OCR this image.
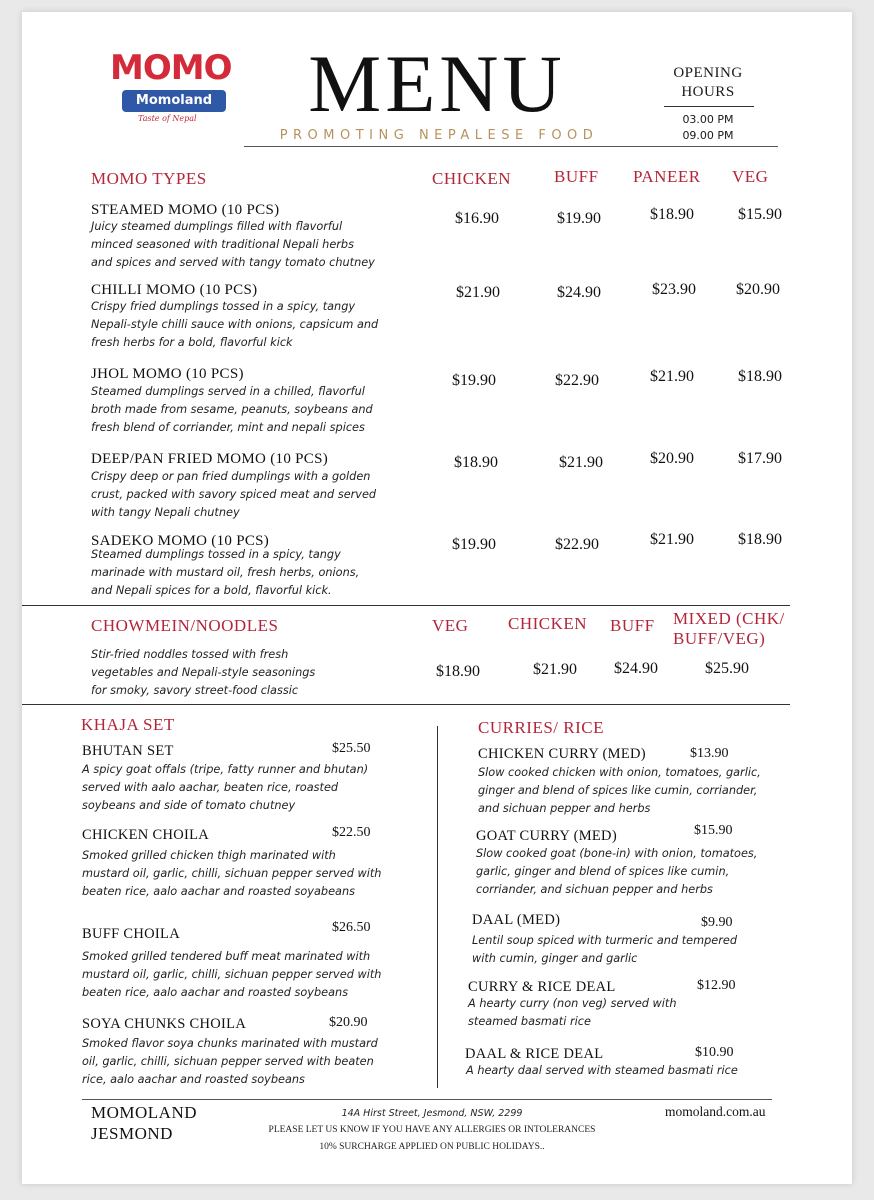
MOMO
Momoland
Taste of Nepal MENU
PROMOTING NEPALESE FOOD
OPENING
HOURS
03.00 PM
09.00 PM
MOMO TYPES	CHICKEN	BUFF PANEER VEG
STEAMED MOMO (10 PCS)
Juicy steamed dumplings filled with flavorful
minced seasoned with traditional Nepali herbs
and spices and served with tangy tomato chutney
$16.90	$19.90	$18.90	$15.90
CHILLI MOMO (10 PCS)
Crispy fried dumplings tossed in a spicy, tangy
Nepali-style chilli sauce with onions, capsicum and
fresh herbs for a bold, flavorful kick
$21.90	$24.90	$23.90	$20.90
JHOL MOMO (10 PCS)
Steamed dumplings served in a chilled, flavorful
broth made from sesame, peanuts, soybeans and
fresh blend of corriander, mint and nepali spices
$19.90	$22.90	$21.90	$18.90
DEEP/PAN FRIED MOMO (10 PCS)
Crispy deep or pan fried dumplings with a golden
crust, packed with savory spiced meat and served
with tangy Nepali chutney
$18.90	$21.90	$20.90	$17.90
SADEKO MOMO (10 PCS)
Steamed dumplings tossed in a spicy, tangy
marinade with mustard oil, fresh herbs, onions,
and Nepali spices for a bold, flavorful kick.
$19.90	$22.90	$21.90	$18.90
CHOWMEIN/NOODLES	VEG CHICKEN BUFF MIXED (CHK/
BUFF/VEG)
Stir-fried noddles tossed with fresh
vegetables and Nepali-style seasonings
for smoky, savory street-food classic
$18.90	$21.90 $24.90	$25.90
KHAJA SET
BHUTAN SET	$25.50
A spicy goat offals (tripe, fatty runner and bhutan)
served with aalo aachar, beaten rice, roasted
soybeans and side of tomato chutney
CHICKEN CHOILA	$22.50
Smoked grilled chicken thigh marinated with
mustard oil, garlic, chilli, sichuan pepper served with
beaten rice, aalo aachar and roasted soyabeans
BUFF CHOILA	$26.50
Smoked grilled tendered buff meat marinated with
mustard oil, garlic, chilli, sichuan pepper served with
beaten rice, aalo aachar and roasted soybeans
SOYA CHUNKS CHOILA	$20.90
Smoked flavor soya chunks marinated with mustard
oil, garlic, chilli, sichuan pepper served with beaten
rice, aalo aachar and roasted soybeans
CURRIES/ RICE
CHICKEN CURRY (MED)	$13.90
Slow cooked chicken with onion, tomatoes, garlic,
ginger and blend of spices like cumin, corriander,
and sichuan pepper and herbs
GOAT CURRY (MED)	$15.90
Slow cooked goat (bone-in) with onion, tomatoes,
garlic, ginger and blend of spices like cumin,
corriander, and sichuan pepper and herbs
DAAL (MED)	$9.90
Lentil soup spiced with turmeric and tempered
with cumin, ginger and garlic
CURRY & RICE DEAL	$12.90
A hearty curry (non veg) served with
steamed basmati rice
DAAL & RICE DEAL	$10.90
A hearty daal served with steamed basmati rice
MOMOLAND
JESMOND
14A Hirst Street, Jesmond, NSW, 2299
PLEASE LET US KNOW IF YOU HAVE ANY ALLERGIES OR INTOLERANCES
10% SURCHARGE APPLIED ON PUBLIC HOLIDAYS..
momoland.com.au
